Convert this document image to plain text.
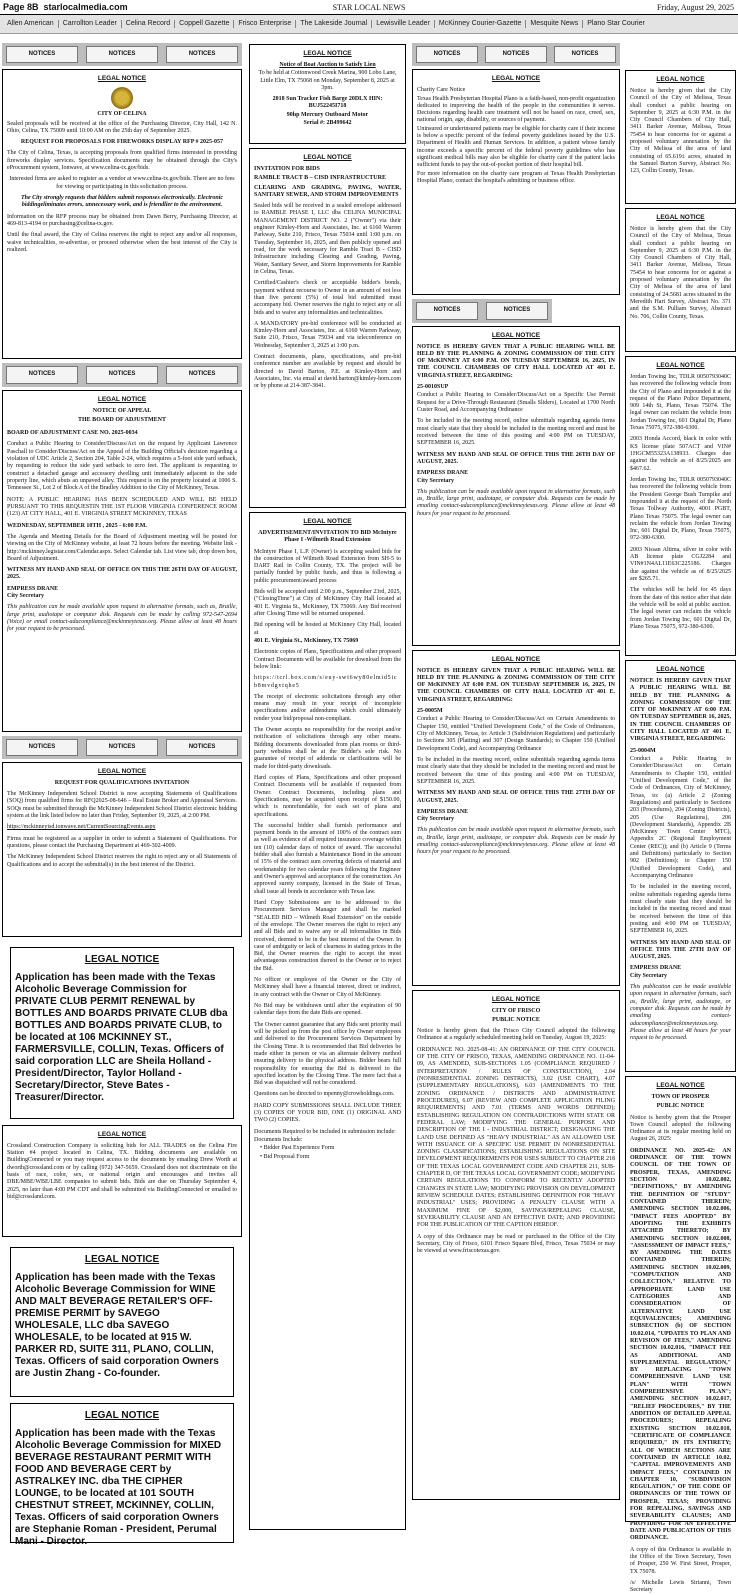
Page 8B starlocalmedia.com	STAR LOCAL NEWS	Friday, August 29, 2025
Allen American	Carrollton Leader	Celina Record	Coppell Gazette	Frisco Enterprise	The Lakeside Journal	Lewisville Leader	McKinney Courier-Gazette	Mesquite News	Plano Star Courier
NOTICES	NOTICES	NOTICES
LEGAL NOTICE
CITY OF CELINA

Sealed proposals will be received at the office of the Purchasing Director, City Hall, 142 N. Ohio, Celina, TX 75009 until 10:00 AM on the 25th day of September 2025.

REQUEST FOR PROPOSALS FOR FIREWORKS DISPLAY RFP # 2025-057

The City of Celina, Texas, is accepting proposals from qualified firms interested in providing fireworks display services. Specification documents may be obtained through the City's eProcurement system, Ionwave, at www.celina-tx.gov/bids.

Interested firms are asked to register as a vendor at www.celina-tx.gov/bids. There are no fees for viewing or participating in this solicitation process.

The City strongly requests that bidders submit responses electronically. Electronic biddingeliminates errors, unnecessary work, and is friendlier to the environment.

Information on the RFP process may be obtained from Dawn Berry, Purchasing Director, at 469-813-4194 or purchasing@celina-tx.gov.

Until the final award, the City of Celina reserves the right to reject any and/or all responses, waive technicalities, re-advertise, or proceed otherwise when the best interest of the City is realized.

NOTICES	NOTICES	NOTICES
LEGAL NOTICE
NOTICE OF APPEAL
THE BOARD OF ADJUSTMENT

BOARD OF ADJUSTMENT CASE NO. 2025-0034

Conduct a Public Hearing to Consider/Discuss/Act on the request by Applicant Lawrence Paschall to Consider/Discuss/Act on the Appeal of the Building Official's decision regarding a violation of UDC Article 2, Section 204, Table 2-24, which requires a 5-foot side yard setback, by requesting to reduce the side yard setback to zero feet. The applicant is requesting to construct a detached garage and accessory dwelling unit immediately adjacent to the side property line, which abuts an unpaved alley. This request is on the property located at 1006 S. Tennessee St., Lot 2 of Block A of the Bradley Addition to the City of McKinney, Texas.

NOTE: A PUBLIC HEARING HAS BEEN SCHEDULED AND WILL BE HELD PURSUANT TO THIS REQUESTIN THE 1ST FLOOR VIRGINIA CONFERENCE ROOM (123) AT CITY HALL, 401 E. VIRGINIA STREET MCKINNEY, TEXAS

WEDNESDAY, SEPTEMBER 10TH , 2025 - 6:00 P.M.

The Agenda and Meeting Details for the Board of Adjustment meeting will be posted for viewing on the City of McKinney website, at least 72 hours before the meeting. Website link - http://mckinney.legistar.com/Calendar.aspx. Select Calendar tab. List view tab, drop down box, Board of Adjustment.

WITNESS MY HAND AND SEAL OF OFFICE ON THIS THE 26TH DAY OF AUGUST, 2025.

EMPRESS DRANE

City Secretary

This publication can be made available upon request in alternative formats, such as, Braille, large print, audiotape or computer disk. Requests can be made by calling 972-547-2694 (Voice) or email contact-adacompliance@mckinneytexas.org. Please allow at least 48 hours for your request to be processed.

NOTICES	NOTICES	NOTICES
LEGAL NOTICE
REQUEST FOR QUALIFICATIONS INVITATION

The McKinney Independent School District is now accepting Statements of Qualifications (SOQ) from qualified firms for RFQ2025-08-646 – Real Estate Broker and Appraisal Services. SOQs must be submitted through the McKinney Independent School District electronic bidding system at the link listed below no later than Friday, September 19, 2025, at 2:00 PM.

https://mckinneyisd.ionwave.net/CurrentSourcingEvents.aspx

Firms must be registered as a supplier in order to submit a Statement of Qualifications. For questions, please contact the Purchasing Department at 469-302-4009.

The McKinney Independent School District reserves the right to reject any or all Statements of Qualifications and to accept the submittal(s) in the best interest of the District.

LEGAL NOTICE

Application has been made with the Texas Alcoholic Beverage Commission for PRIVATE CLUB PERMIT RENEWAL by BOTTLES AND BOARDS PRIVATE CLUB dba BOTTLES AND BOARDS PRIVATE CLUB, to be located at 106 MCKINNEY ST., FARMERSVILLE, COLLIN, Texas. Officers of said corporation LLC are Sheila Holland - President/Director, Taylor Holland - Secretary/Director, Steve Bates - Treasurer/Director.

LEGAL NOTICE

Crossland Construction Company is soliciting bids for ALL TRADES on the Celina Fire Station #4 project located in Celina, TX. Bidding documents are available on BuildingConnected or you may request access to the documents by emailing Drew Worth at dworth@crossland.com or by calling (972) 347-5659. Crossland does not discriminate on the basis of race, color, sex, or national origin and encourages and invites all DBE/MBE/WBE/LBE companies to submit bids. Bids are due on Thursday September 4, 2025, no later than 4:00 PM CDT and shall be submitted via BuildingConnected or emailed to bid@crossland.com.

LEGAL NOTICE

Application has been made with the Texas Alcoholic Beverage Commission for WINE AND MALT BEVERAGE RETAILER'S OFF-PREMISE PERMIT by SAVEGO WHOLESALE, LLC dba SAVEGO WHOLESALE, to be located at 915 W. PARKER RD, SUITE 311, PLANO, COLLIN, Texas. Officers of said corporation Owners are Justin Zhang - Co-founder.

LEGAL NOTICE

Application has been made with the Texas Alcoholic Beverage Commission for MIXED BEVERAGE RESTAURANT PERMIT WITH FOOD AND BEVERAGE CERT by ASTRALKEY INC. dba THE CIPHER LOUNGE, to be located at 101 SOUTH CHESTNUT STREET, MCKINNEY, COLLIN, Texas. Officers of said corporation Owners are Stephanie Roman - President, Perumal Mani - Director.

LEGAL NOTICE

Notice of Boat Auction to Satisfy Lien

To be held at Cottonwood Creek Marina, 900 Lobo Lane, Little Elm, TX 75068 on Monday, September 8, 2025 at 3pm.

2018 Sun Tracker Fish Barge 20DLX HIN: BUJ52245I718

90hp Mercury Outboard Motor

Serial #: 2B499642

LEGAL NOTICE

INVITATION FOR BIDS

RAMBLE TRACT B – CISD INFRASTRUCTURE

CLEARING AND GRADING, PAVING, WATER, SANITARY SEWER, AND STORM IMPROVEMENTS

Sealed bids will be received in a sealed envelope addressed to RAMBLE PHASE I, LLC dba CELINA MUNICIPAL MANAGEMENT DISTRICT NO. 2 ("Owner") via their engineer Kimley-Horn and Associates, Inc. at 6160 Warren Parkway, Suite 210, Frisco, Texas 75034 until 1:00 p.m. on Tuesday, September 16, 2025, and then publicly opened and read, for the work necessary for Ramble Tract B - CISD Infrastructure including Clearing and Grading, Paving, Water, Sanitary Sewer, and Storm Improvements for Ramble in Celina, Texas.

Certified/Cashier's check or acceptable bidder's bonds, payment without recourse to Owner in an amount of not less than five percent (5%) of total bid submitted must accompany bid. Owner reserves the right to reject any or all bids and to waive any informalities and technicalities.

A MANDATORY pre-bid conference will be conducted at Kimley-Horn and Associates, Inc. at 6160 Warren Parkway, Suite 210, Frisco, Texas 75034 and via teleconference on Wednesday, September 3, 2025 at 1:00 p.m.

Contract documents, plans, specifications, and pre-bid conference number are available by request and should be directed to David Barton, P.E. at Kimley-Horn and Associates, Inc. via email at david.barton@kimley-horn.com or by phone at 214-387-3841.

LEGAL NOTICE

ADVERTISEMENT/INVITATION TO BID McIntyre Phase I -Wilmeth Road Extension

McIntyre Phase I, L.P. (Owner) is accepting sealed bids for the construction of Wilmeth Road Extension from SH-5 to DART Rail in Collin County, TX. The project will be partially funded by public funds, and thus is following a public procurement/award process

Bids will be accepted until 2:00 p.m., September 23rd, 2025, ("ClosingTime") at City of McKinney City Hall located at 401 E. Virginia St., McKinney, TX 75069. Any Bid received after Closing Time will be returned unopened.

Bid opening will be hosted at McKinney City Hall, located at

401 E. Virginia St., McKinney, TX 75069

Electronic copies of Plans, Specifications and other proposed Contract Documents will be available for download from the below link:

https://tcrl.box.com/s/euy-swt6wy80elmid5icb8mvdgvtqhe5

The receipt of electronic solicitations through any other means may result in your receipt of incomplete specifications and/or addendums which could ultimately render your bid/proposal non-compliant.

The Owner accepts no responsibility for the receipt and/or notification of solicitations through any other means. Bidding documents downloaded from plan rooms or third-party websites shall be at the Bidder's sole risk. No guarantee of receipt of addenda or clarifications will be made for third-party downloads.

Hard copies of Plans, Specifications and other proposed Contract Documents will be available if requested from Owner. Contract Documents, including plans and Specifications, may be acquired upon receipt of $150.00, which is nonrefundable, for each set of plans and specifications.

The successful bidder shall furnish performance and payment bonds in the amount of 100% of the contract sum as well as evidence of all required insurance coverage within ten (10) calendar days of notice of award. The successful bidder shall also furnish a Maintenance Bond in the amount of 15% of the contract sum covering defects of material and workmanship for two calendar years following the Engineer and Owner's approval and acceptance of the construction. An approved surety company, licensed in the State of Texas, shall issue all bonds in accordance with Texas law.

Hard Copy Submissions are to be addressed to the Procurement Services Manager and shall be marked "SEALED BID – Wilmeth Road Extension" on the outside of the envelope. The Owner reserves the right to reject any and all Bids and to waive any or all informalities in Bids received, deemed to be in the best interest of the Owner. In case of ambiguity or lack of clearness in stating prices in the Bid, the Owner reserves the right to accept the most advantageous construction thereof to the Owner or to reject the Bid.

No officer or employee of the Owner or the City of McKinney shall have a financial interest, direct or indirect, in any contract with the Owner or City of McKinney.

No Bid may be withdrawn until after the expiration of 90 calendar days from the date Bids are opened.

The Owner cannot guarantee that any Bids sent priority mail will be picked up from the post office by Owner employees and delivered to the Procurement Services Department by the Closing Time. It is recommended that Bid deliveries be made either in person or via an alternate delivery method ensuring delivery to the physical address. Bidder bears full responsibility for ensuring the Bid is delivered to the specified location by the Closing Time. The mere fact that a Bid was dispatched will not be considered.

Questions can be directed to mpenny@crowholdings.com.

HARD COPY SUBMISSIONS SHALL INCLUDE THREE (3) COPIES OF YOUR BID, ONE (1) ORIGINAL AND TWO (2) COPIES.

Documents Required to be included in submission include:

Documents Include:

• Bidder Past Experience Form

• Bid Proposal Form

NOTICES	NOTICES	NOTICES
LEGAL NOTICE

Charity Care Notice

Texas Health Presbyterian Hospital Plano is a faith-based, non-profit organization dedicated to improving the health of the people in the communities it serves. Decisions regarding health care treatment will not be based on race, creed, sex, national origin, age, disability, or sources of payment.

Uninsured or underinsured patients may be eligible for charity care if their income is below a specific percent of the federal poverty guidelines issued by the U.S. Department of Health and Human Services. In addition, a patient whose family income exceeds a specific percent of the federal poverty guidelines who has significant medical bills may also be eligible for charity care if the patient lacks sufficient funds to pay the out-of-pocket portion of their hospital bill.

For more information on the charity care program at Texas Health Presbyterian Hospital Plano, contact the hospital's admitting or business office.

NOTICES	NOTICES
LEGAL NOTICE

NOTICE IS HEREBY GIVEN THAT A PUBLIC HEARING WILL BE HELD BY THE PLANNING & ZONING COMMISSION OF THE CITY OF McKINNEY AT 6:00 P.M. ON TUESDAY SEPTEMBER 16, 2025, IN THE COUNCIL CHAMBERS OF CITY HALL LOCATED AT 401 E. VIRGINIA STREET, REGARDING:

25-0010SUP

Conduct a Public Hearing to Consider/Discuss/Act on a Specific Use Permit Request for a Drive-Through Restaurant (Smalls Sliders), Located at 1700 North Custer Road, and Accompanying Ordinance

To be included in the meeting record, online submittals regarding agenda items must clearly state that they should be included in the meeting record and must be received between the time of this posting and 4:00 PM on TUESDAY, SEPTEMBER 16, 2025.

WITNESS MY HAND AND SEAL OF OFFICE THIS THE 26TH DAY OF AUGUST, 2025.

EMPRESS DRANE

City Secretary

This publication can be made available upon request in alternative formats, such as, Braille, large print, audiotape, or computer disk. Requests can be made by emailing contact-adacompliance@mckinneytexas.org. Please allow at least 48 hours for your request to be processed.

LEGAL NOTICE

NOTICE IS HEREBY GIVEN THAT A PUBLIC HEARING WILL BE HELD BY THE PLANNING & ZONING COMMISSION OF THE CITY OF McKINNEY AT 6:00 P.M. ON TUESDAY SEPTEMBER 16, 2025, IN THE COUNCIL CHAMBERS OF CITY HALL LOCATED AT 401 E. VIRGINIA STREET, REGARDING:

25-0005M

Conduct a Public Hearing to Consider/Discuss/Act on Certain Amendments to Chapter 150, entitled "Unified Development Code," of the Code of Ordinances, City of McKinney, Texas, to: Article 3 (Subdivision Regulations) and particularly to Sections 305 (Platting) and 307 (Design Standards); to Chapter 150 (Unified Development Code), and Accompanying Ordinance

To be included in the meeting record, online submittals regarding agenda items must clearly state that they should be included in the meeting record and must be received between the time of this posting and 4:00 PM on TUESDAY, SEPTEMBER 16, 2025.

WITNESS MY HAND AND SEAL OF OFFICE THIS THE 27TH DAY OF AUGUST, 2025.

EMPRESS DRANE

City Secretary

This publication can be made available upon request in alternative formats, such as, Braille, large print, audiotape, or computer disk. Requests can be made by emailing contact-adacompliance@mckinneytexas.org. Please allow at least 48 hours for your request to be processed.

LEGAL NOTICE
CITY OF FRISCO
PUBLIC NOTICE

Notice is hereby given that the Frisco City Council adopted the following Ordinance at a regularly scheduled meeting held on Tuesday, August 19, 2025:

ORDINANCE NO. 2025-08-41: AN ORDINANCE OF THE CITY COUNCIL OF THE CITY OF FRISCO, TEXAS, AMENDING ORDINANCE NO. 11-04-09, AS AMENDED, SUB-SECTIONS 1.05 (COMPLIANCE REQUIRED / INTERPRETATION / RULES OF CONSTRUCTION), 2.04 (NONRESIDENTIAL ZONING DISTRICTS), 3.02 (USE CHART), 4.07 (SUPPLEMENTARY REGULATIONS), 6.03 (AMENDMENTS TO THE ZONING ORDINANCE / DISTRICTS AND ADMINISTRATIVE PROCEDURES), 6.07 (REVIEW AND COMPLETE APPLICATION FILING REQUIREMENTS) AND 7.01 (TERMS AND WORDS DEFINED); ESTABLISHING REGULATION ON CONTRADICTIONS WITH STATE OR FEDERAL LAW; MODIFYING THE GENERAL PURPOSE AND DESCRIPTION OF THE I - INDUSTRIAL DISTRICT; DESIGNATING THE LAND USE DEFINED AS "HEAVY INDUSTRIAL" AS AN ALLOWED USE WITH ISSUANCE OF A SPECIFIC USE PERMIT IN NONRESIDENTIAL ZONING CLASSIFICATIONS; ESTABLISHING REGULATIONS ON SITE DEVELOPMENT REQUIREMENTS FOR USES SUBJECT TO CHAPTER 218 OF THE TEXAS LOCAL GOVERNMENT CODE AND CHAPTER 211, SUB-CHAPTER D, OF THE TEXAS LOCAL GOVERNMENT CODE; MODIFYING CERTAIN REGULATIONS TO CONFORM TO RECENTLY ADOPTED CHANGES IN STATE LAW; MODIFYING PROVISION ON DEVELOPMENT REVIEW SCHEDULE DATES; ESTABLISHING DEFINITION FOR "HEAVY INDUSTRIAL" USES; PROVIDING A PENALTY CLAUSE WITH A MAXIMUM FINE OF $2,000, SAVINGS/REPEALING CLAUSE, SEVERABILITY CLAUSE AND AN EFFECTIVE DATE; AND PROVIDING FOR THE PUBLICATION OF THE CAPTION HEREOF.

A copy of this Ordinance may be read or purchased in the Office of the City Secretary, City of Frisco, 6101 Frisco Square Blvd, Frisco, Texas 75034 or may be viewed at www.friscotexas.gov.

LEGAL NOTICE

Notice is hereby given that the City Council of the City of Melissa, Texas shall conduct a public hearing on September 9, 2025 at 6:30 P.M. in the City Council Chambers of City Hall, 3411 Barker Avenue, Melissa, Texas 75454 to hear concerns for or against a proposed voluntary annexation by the City of Melissa of the area of land consisting of 65.619± acres, situated in the Samuel Burton Survey, Abstract No. 123, Collin County, Texas.

LEGAL NOTICE

Notice is hereby given that the City Council of the City of Melissa, Texas shall conduct a public hearing on September 9, 2025 at 6:30 P.M. in the City Council Chambers of City Hall, 3411 Barker Avenue, Melissa, Texas 75454 to hear concerns for or against a proposed voluntary annexation by the City of Melissa of the area of land consisting of 24.5681 acres situated in the Meredith Hart Survey, Abstract No. 371 and the S.M. Pulliam Survey, Abstract No. 706, Collin County, Texas.

LEGAL NOTICE

Jordan Towing Inc, TDLR 0050793040C has recovered the following vehicle from the City of Plano and impounded it at the request of the Plano Police Department, 909 14th St, Plano, Texas 75074. The legal owner can reclaim the vehicle from Jordan Towing Inc, 601 Digital Dr, Plano Texas 75075, 972-380-6300.

2003 Honda Accord, black in color with KS license plate 507ACT and VIN# 1HGCM55323A138933. Charges due against the vehicle as of 8/25/2025 are $467.62.

Jordan Towing Inc, TDLR 0050793040C has recovered the following vehicle from the President George Bush Turnpike and impounded it at the request of the North Texas Tollway Authority, 4001 PGBT, Plano Texas 75075. The legal owner can reclaim the vehicle from Jordan Towing Inc, 601 Digital Dr, Plano, Texas 75075, 972-380-6300.

2003 Nissan Altima, silver in color with AB license plate CGJ2284 and VIN#1N4AL11E63C225186. Charges due against the vehicle as of 8/25/2025 are $265.71.

The vehicles will be held for 45 days from the date of this notice after that date the vehicle will be sold at public auction. The legal owner can reclaim the vehicle from Jordan Towing Inc, 601 Digital Dr, Plano Texas 75075, 972-380-6300.

LEGAL NOTICE

NOTICE IS HEREBY GIVEN THAT A PUBLIC HEARING WILL BE HELD BY THE PLANNING & ZONING COMMISSION OF THE CITY OF McKINNEY AT 6:00 P.M. ON TUESDAY SEPTEMBER 16, 2025, IN THE COUNCIL CHAMBERS OF CITY HALL LOCATED AT 401 E. VIRGINIA STREET, REGARDING:

25-0004M

Conduct a Public Hearing to Consider/Discuss/Act on Certain Amendments to Chapter 150, entitled "Unified Development Code," of the Code of Ordinances, City of McKinney, Texas, to: (a) Article 2 (Zoning Regulations) and particularly to Sections 203 (Procedures), 204 (Zoning Districts), 205 (Use Regulations), 206 (Development Standards), Appendix 2B (McKinney Town Center MTC), Appendix 2C (Regional Employment Center (REC)); and (b) Article 9 (Terms and Definitions) particularly to Section 902 (Definitions); to Chapter 150 (Unified Development Code), and Accompanying Ordinance

To be included in the meeting record, online submittals regarding agenda items must clearly state that they should be included in the meeting record and must be received between the time of this posting and 4:00 PM on TUESDAY, SEPTEMBER 16, 2025.

WITNESS MY HAND AND SEAL OF OFFICE THIS THE 27TH DAY OF AUGUST, 2025.

EMPRESS DRANE

City Secretary

This publication can be made available upon request in alternative formats, such as, Braille, large print, audiotape, or computer disk. Requests can be made by emailing contact-adacompliance@mckinneytexas.org. Please allow at least 48 hours for your request to be processed.

LEGAL NOTICE
TOWN OF PROSPER
PUBLIC NOTICE

Notice is hereby given that the Prosper Town Council adopted the following Ordinance at its regular meeting held on August 26, 2025:

ORDINANCE NO. 2025-42: AN ORDINANCE OF THE TOWN COUNCIL OF THE TOWN OF PROSPER, TEXAS, AMENDING SECTION 10.02.002, "DEFINITIONS," BY AMENDING THE DEFINITION OF "STUDY" CONTAINED THEREIN; AMENDING SECTION 10.02.006, "IMPACT FEES ADOPTED" BY ADOPTING THE EXHIBITS ATTACHED THERETO; BY AMENDING SECTION 10.02.008, "ASSESSMENT OF IMPACT FEES," BY AMENDING THE DATES CONTAINED THEREIN; AMENDING SECTION 10.02.009, "COMPUTATION AND COLLECTION," RELATIVE TO APPROPRIATE LAND USE CATEGORIES AND CONSIDERATION OF ALTERNATIVE LAND USE EQUIVALENCIES; AMENDING SUBSECTION (b) OF SECTION 10.02.014, "UPDATES TO PLAN AND REVISION OF FEES," AMENDING SECTION 10.02.016, "IMPACT FEE AS ADDITIONAL AND SUPPLEMENTAL REGULATION," BY REPLACING "TOWN COMPREHENSIVE LAND USE PLAN" WITH "TOWN COMPREHENSIVE PLAN"; AMENDING SECTION 10.02.017, "RELIEF PROCEDURES," BY THE ADDITION OF DETAILED APPEAL PROCEDURES; REPEALING EXISTING SECTION 10.02.018, "CERTIFICATE OF COMPLIANCE REQUIRED," IN ITS ENTIRETY; ALL OF WHICH SECTIONS ARE CONTAINED IN ARTICLE 10.02, "CAPITAL IMPROVEMENTS AND IMPACT FEES," CONTAINED IN CHAPTER 10, "SUBDIVISION REGULATION," OF THE CODE OF ORDINANCES OF THE TOWN OF PROSPER, TEXAS; PROVIDING FOR REPEALING, SAVINGS AND SEVERABILITY CLAUSES; AND PROVIDING FOR AN EFFECTIVE DATE AND PUBLICATION OF THIS ORDINANCE.

A copy of this Ordinance is available in the Office of the Town Secretary, Town of Prosper, 250 W. First Street, Prosper, TX 75078.

/s/ Michelle Lewis Sirianni, Town Secretary
